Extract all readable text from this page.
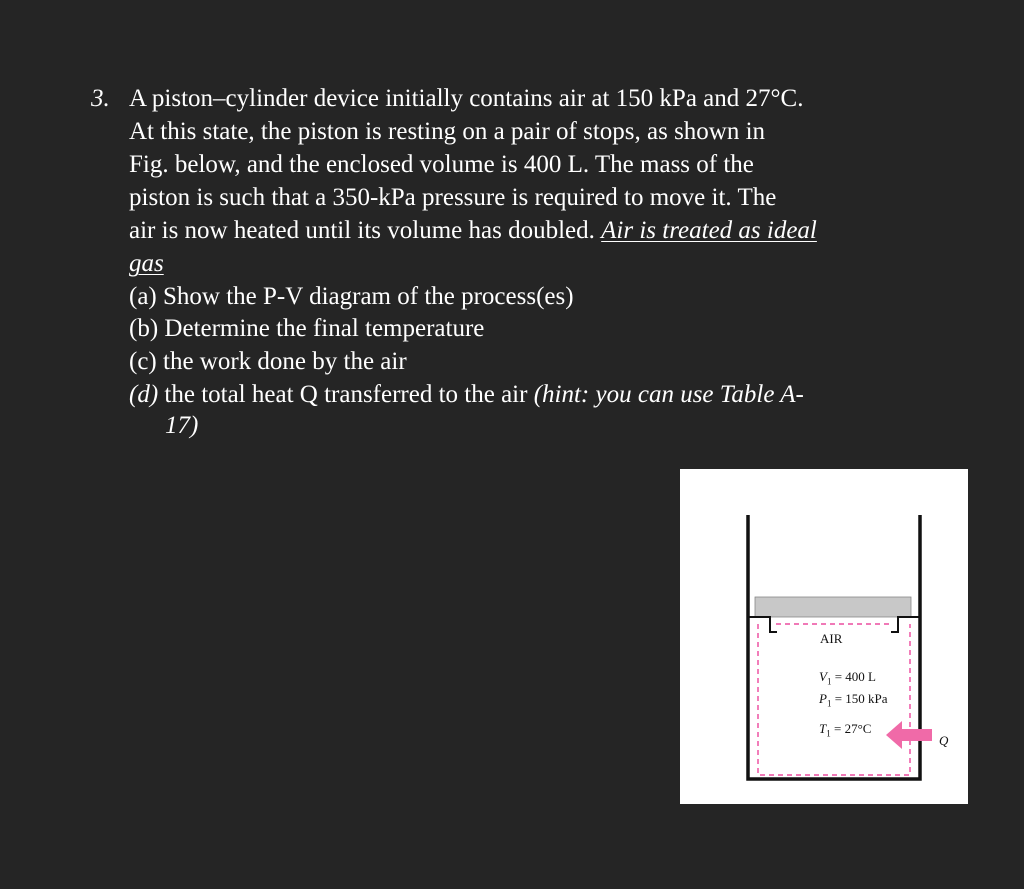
3. A piston–cylinder device initially contains air at 150 kPa and 27°C.
At this state, the piston is resting on a pair of stops, as shown in
Fig. below, and the enclosed volume is 400 L. The mass of the
piston is such that a 350-kPa pressure is required to move it. The
air is now heated until its volume has doubled. Air is treated as ideal
gas
(a) Show the P-V diagram of the process(es)
(b) Determine the final temperature
(c) the work done by the air
(d) the total heat Q transferred to the air (hint: you can use Table A-
17)
AIR
$V_1 = 400$ L
$P_1 = 150$ kPa
$T_1 = 27^\circ C$
Q
